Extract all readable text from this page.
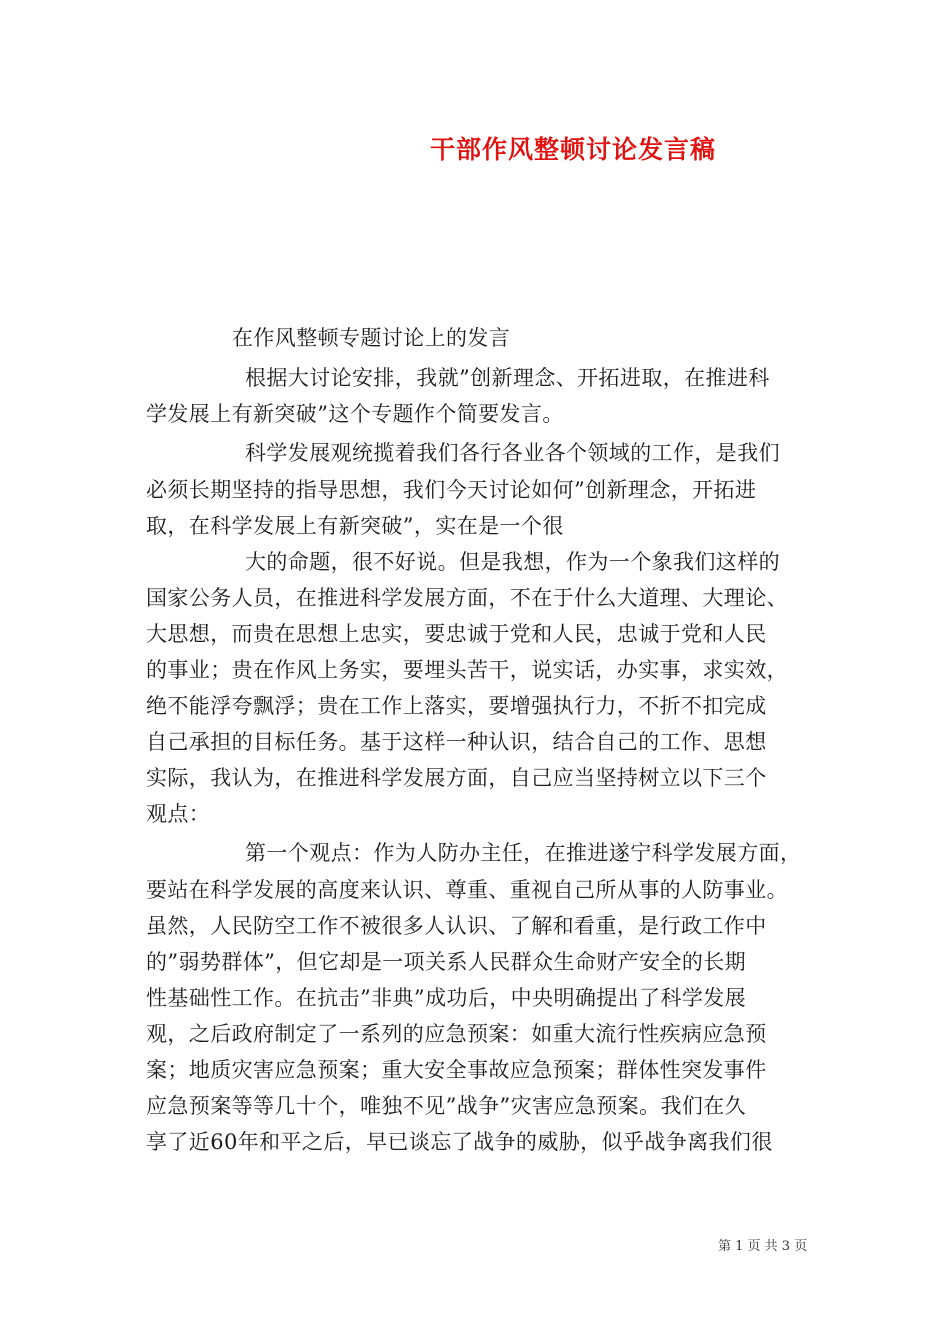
干部作风整顿讨论发言稿

在作风整顿专题讨论上的发言

根据大讨论安排，我就”创新理念、开拓进取，在推进科

学发展上有新突破”这个专题作个简要发言。

科学发展观统揽着我们各行各业各个领域的工作，是我们

必须长期坚持的指导思想，我们今天讨论如何”创新理念，开拓进

取，在科学发展上有新突破”，实在是一个很

大的命题，很不好说。但是我想，作为一个象我们这样的

国家公务人员，在推进科学发展方面，不在于什么大道理、大理论、

大思想，而贵在思想上忠实，要忠诚于党和人民，忠诚于党和人民

的事业；贵在作风上务实，要埋头苦干，说实话，办实事，求实效，

绝不能浮夸飘浮；贵在工作上落实，要增强执行力，不折不扣完成

自己承担的目标任务。基于这样一种认识，结合自己的工作、思想

实际，我认为，在推进科学发展方面，自己应当坚持树立以下三个

观点：

第一个观点：作为人防办主任，在推进遂宁科学发展方面，

要站在科学发展的高度来认识、尊重、重视自己所从事的人防事业。

虽然，人民防空工作不被很多人认识、了解和看重，是行政工作中

的”弱势群体”，但它却是一项关系人民群众生命财产安全的长期

性基础性工作。在抗击”非典”成功后，中央明确提出了科学发展

观，之后政府制定了一系列的应急预案：如重大流行性疾病应急预

案；地质灾害应急预案；重大安全事故应急预案；群体性突发事件

应急预案等等几十个，唯独不见”战争”灾害应急预案。我们在久

享了近60年和平之后，早已谈忘了战争的威胁，似乎战争离我们很

第 1 页 共 3 页
